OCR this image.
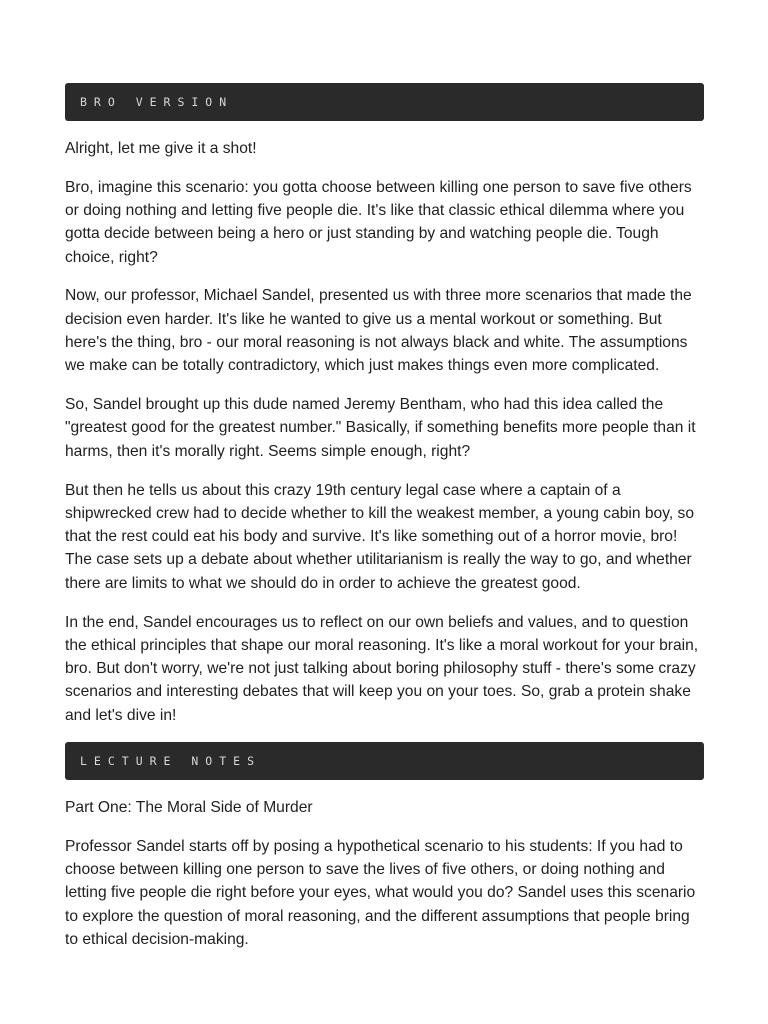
BRO VERSION

Alright, let me give it a shot!

Bro, imagine this scenario: you gotta choose between killing one person to save five others or doing nothing and letting five people die. It's like that classic ethical dilemma where you gotta decide between being a hero or just standing by and watching people die. Tough choice, right?

Now, our professor, Michael Sandel, presented us with three more scenarios that made the decision even harder. It's like he wanted to give us a mental workout or something. But here's the thing, bro - our moral reasoning is not always black and white. The assumptions we make can be totally contradictory, which just makes things even more complicated.

So, Sandel brought up this dude named Jeremy Bentham, who had this idea called the "greatest good for the greatest number." Basically, if something benefits more people than it harms, then it's morally right. Seems simple enough, right?

But then he tells us about this crazy 19th century legal case where a captain of a shipwrecked crew had to decide whether to kill the weakest member, a young cabin boy, so that the rest could eat his body and survive. It's like something out of a horror movie, bro! The case sets up a debate about whether utilitarianism is really the way to go, and whether there are limits to what we should do in order to achieve the greatest good.

In the end, Sandel encourages us to reflect on our own beliefs and values, and to question the ethical principles that shape our moral reasoning. It's like a moral workout for your brain, bro. But don't worry, we're not just talking about boring philosophy stuff - there's some crazy scenarios and interesting debates that will keep you on your toes. So, grab a protein shake and let's dive in!

LECTURE NOTES

Part One: The Moral Side of Murder

Professor Sandel starts off by posing a hypothetical scenario to his students: If you had to choose between killing one person to save the lives of five others, or doing nothing and letting five people die right before your eyes, what would you do? Sandel uses this scenario to explore the question of moral reasoning, and the different assumptions that people bring to ethical decision-making.
